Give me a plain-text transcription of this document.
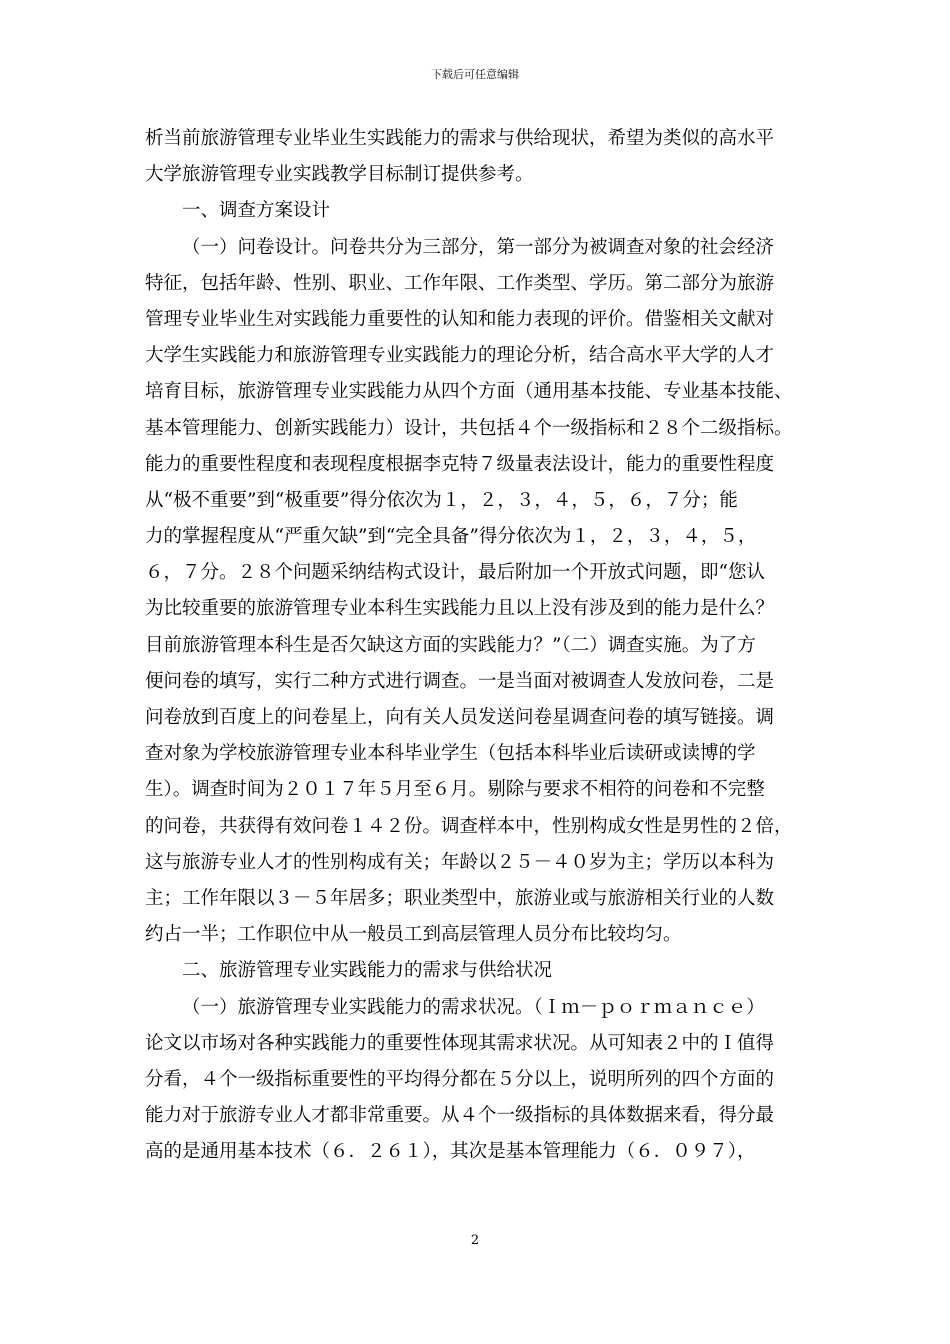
下载后可任意编辑
析当前旅游管理专业毕业生实践能力的需求与供给现状，希望为类似的高水平
大学旅游管理专业实践教学目标制订提供参考。
一、调查方案设计
（一）问卷设计。问卷共分为三部分，第一部分为被调查对象的社会经济
特征，包括年龄、性别、职业、工作年限、工作类型、学历。第二部分为旅游
管理专业毕业生对实践能力重要性的认知和能力表现的评价。借鉴相关文献对
大学生实践能力和旅游管理专业实践能力的理论分析，结合高水平大学的人才
培育目标，旅游管理专业实践能力从四个方面（通用基本技能、专业基本技能、
基本管理能力、创新实践能力）设计，共包括４个一级指标和２８个二级指标。
能力的重要性程度和表现程度根据李克特７级量表法设计，能力的重要性程度
从“极不重要”到“极重要”得分依次为１，２，３，４，５，６，７分；能
力的掌握程度从“严重欠缺”到“完全具备”得分依次为１，２，３，４，５，
６，７分。２８个问题采纳结构式设计，最后附加一个开放式问题，即“您认
为比较重要的旅游管理专业本科生实践能力且以上没有涉及到的能力是什么？
目前旅游管理本科生是否欠缺这方面的实践能力？”（二）调查实施。为了方
便问卷的填写，实行二种方式进行调查。一是当面对被调查人发放问卷，二是
问卷放到百度上的问卷星上，向有关人员发送问卷星调查问卷的填写链接。调
查对象为学校旅游管理专业本科毕业学生（包括本科毕业后读研或读博的学
生）。调查时间为２０１７年５月至６月。剔除与要求不相符的问卷和不完整
的问卷，共获得有效问卷１４２份。调查样本中，性别构成女性是男性的２倍，
这与旅游专业人才的性别构成有关；年龄以２５－４０岁为主；学历以本科为
主；工作年限以３－５年居多；职业类型中，旅游业或与旅游相关行业的人数
约占一半；工作职位中从一般员工到高层管理人员分布比较均匀。
二、旅游管理专业实践能力的需求与供给状况
（一）旅游管理专业实践能力的需求状况。（Ｉｍ－ｐｏｒｍａｎｃｅ）
论文以市场对各种实践能力的重要性体现其需求状况。从可知表２中的Ｉ值得
分看，４个一级指标重要性的平均得分都在５分以上，说明所列的四个方面的
能力对于旅游专业人才都非常重要。从４个一级指标的具体数据来看，得分最
高的是通用基本技术（６．２６１），其次是基本管理能力（６．０９７），
2
